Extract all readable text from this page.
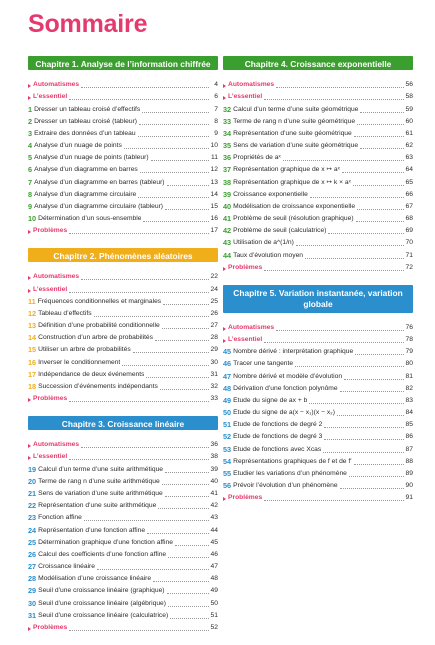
Sommaire
Chapitre 1. Analyse de l’information chiffrée
Automatismes	4
L’essentiel	6
1 Dresser un tableau croisé d’effectifs	7
2 Dresser un tableau croisé (tableur)	8
3 Extraire des données d’un tableau	9
4 Analyse d’un nuage de points	10
5 Analyse d’un nuage de points (tableur)	11
6 Analyse d’un diagramme en barres	12
7 Analyse d’un diagramme en barres (tableur)	13
8 Analyse d’un diagramme circulaire	14
9 Analyse d’un diagramme circulaire (tableur)	15
10 Détermination d’un sous-ensemble	16
Problèmes	17
Chapitre 2. Phénomènes aléatoires
Automatismes	22
L’essentiel	24
11 Fréquences conditionnelles et marginales	25
12 Tableau d’effectifs	26
13 Définition d’une probabilité conditionnelle	27
14 Construction d’un arbre de probabilités	28
15 Utiliser un arbre de probabilités	29
16 Inverser le conditionnement	30
17 Indépendance de deux événements	31
18 Succession d’événements indépendants	32
Problèmes	33
Chapitre 3. Croissance linéaire
Automatismes	36
L’essentiel	38
19 Calcul d’un terme d’une suite arithmétique	39
20 Terme de rang n d’une suite arithmétique	40
21 Sens de variation d’une suite arithmétique	41
22 Représentation d’une suite arithmétique	42
23 Fonction affine	43
24 Représentation d’une fonction affine	44
25 Détermination graphique d’une fonction affine	45
26 Calcul des coefficients d’une fonction affine	46
27 Croissance linéaire	47
28 Modélisation d’une croissance linéaire	48
29 Seuil d’une croissance linéaire (graphique)	49
30 Seuil d’une croissance linéaire (algébrique)	50
31 Seuil d’une croissance linéaire (calculatrice)	51
Problèmes	52
Chapitre 4. Croissance exponentielle
Automatismes	56
L’essentiel	58
32 Calcul d’un terme d’une suite géométrique	59
33 Terme de rang n d’une suite géométrique	60
34 Représentation d’une suite géométrique	61
35 Sens de variation d’une suite géométrique	62
36 Propriétés de aˣ	63
37 Représentation graphique de x ↦ aˣ	64
38 Représentation graphique de x ↦ k × aˣ	65
39 Croissance exponentielle	66
40 Modélisation de croissance exponentielle	67
41 Problème de seuil (résolution graphique)	68
42 Problème de seuil (calculatrice)	69
43 Utilisation de a^(1/n)	70
44 Taux d’évolution moyen	71
Problèmes	72
Chapitre 5. Variation instantanée, variation globale
Automatismes	76
L’essentiel	78
45 Nombre dérivé : interprétation graphique	79
46 Tracer une tangente	80
47 Nombre dérivé et modèle d’évolution	81
48 Dérivation d’une fonction polynôme	82
49 Étude du signe de ax + b	83
50 Étude du signe de a(x − x₁)(x − x₂)	84
51 Étude de fonctions de degré 2	85
52 Étude de fonctions de degré 3	86
53 Étude de fonctions avec Xcas	87
54 Représentations graphiques de f et de f′	88
55 Étudier les variations d’un phénomène	89
56 Prévoir l’évolution d’un phénomène	90
Problèmes	91
